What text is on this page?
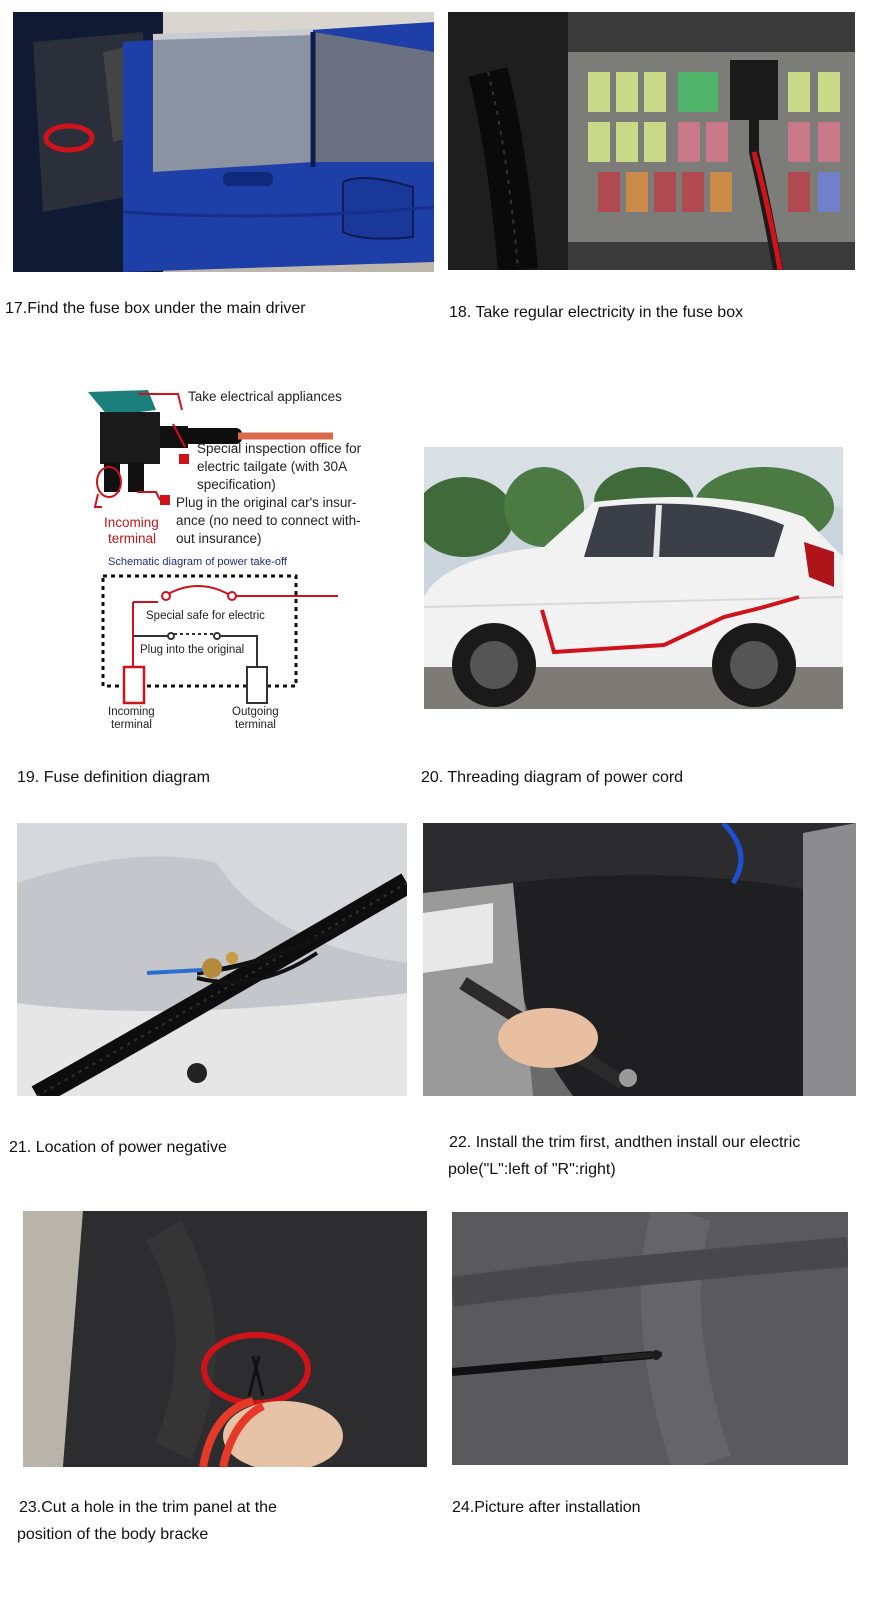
17.Find the fuse box under the main driver	18. Take regular electricity in the fuse box
Take electrical appliances
Special inspection office for
electric tailgate (with 30A
specification)
Plug in the original car's insur-
ance (no need to connect with-
out insurance)
Incoming
terminal
Schematic diagram of power take-off
Special safe for electric
Plug into the original
Incoming
terminal
Outgoing
terminal
19. Fuse definition diagram	20. Threading diagram of power cord
21. Location of power negative	22. Install the trim first, andthen install our electric
pole("L":left of "R":right)
23.Cut a hole in the trim panel at the
position of the body bracke
24.Picture after installation
